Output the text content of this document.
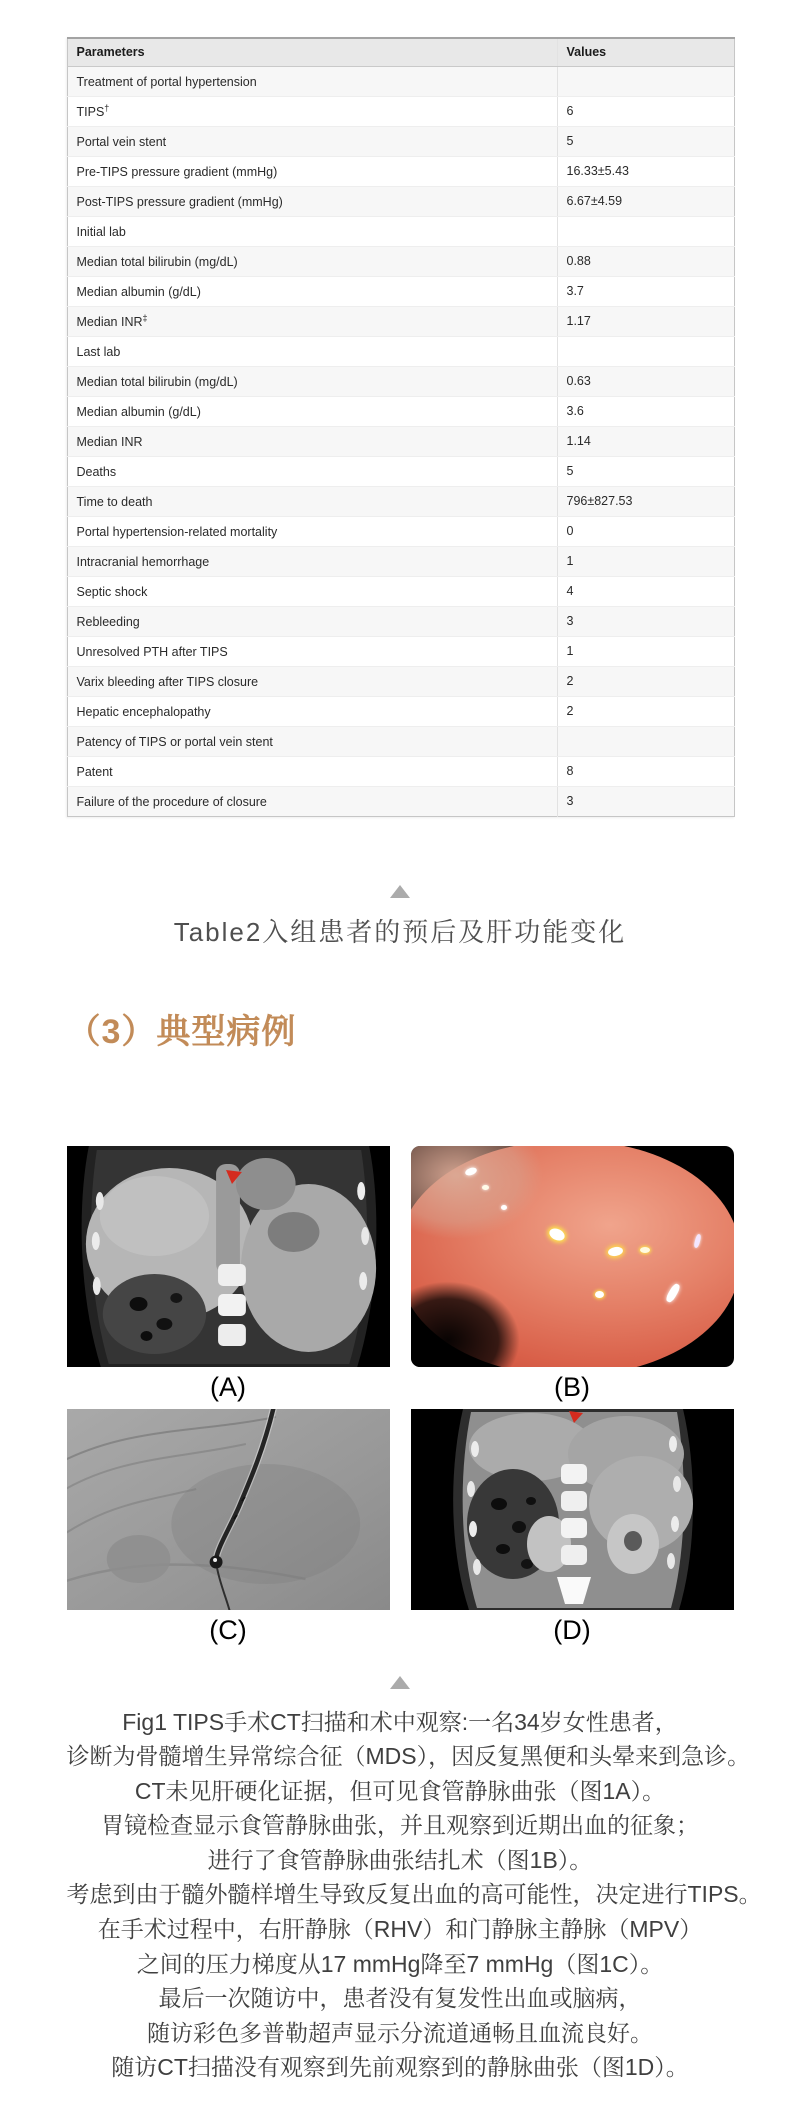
Parameters	Values
Treatment of portal hypertension	
TIPS†	6
Portal vein stent	5
Pre-TIPS pressure gradient (mmHg)	16.33±5.43
Post-TIPS pressure gradient (mmHg)	6.67±4.59
Initial lab	
Median total bilirubin (mg/dL)	0.88
Median albumin (g/dL)	3.7
Median INR‡	1.17
Last lab	
Median total bilirubin (mg/dL)	0.63
Median albumin (g/dL)	3.6
Median INR	1.14
Deaths	5
Time to death	796±827.53
Portal hypertension-related mortality	0
Intracranial hemorrhage	1
Septic shock	4
Rebleeding	3
Unresolved PTH after TIPS	1
Varix bleeding after TIPS closure	2
Hepatic encephalopathy	2
Patency of TIPS or portal vein stent	
Patent	8
Failure of the procedure of closure	3
Table2入组患者的预后及肝功能变化
（3）典型病例
(A)	(B)
(C)	(D)
Fig1 TIPS手术CT扫描和术中观察:一名34岁女性患者，
诊断为骨髓增生异常综合征（MDS），因反复黑便和头晕来到急诊。
CT未见肝硬化证据，但可见食管静脉曲张（图1A）。
胃镜检查显示食管静脉曲张，并且观察到近期出血的征象；
进行了食管静脉曲张结扎术（图1B）。
考虑到由于髓外髓样增生导致反复出血的高可能性，决定进行TIPS。
在手术过程中，右肝静脉（RHV）和门静脉主静脉（MPV）
之间的压力梯度从17 mmHg降至7 mmHg（图1C）。
最后一次随访中，患者没有复发性出血或脑病，
随访彩色多普勒超声显示分流道通畅且血流良好。
随访CT扫描没有观察到先前观察到的静脉曲张（图1D）。
